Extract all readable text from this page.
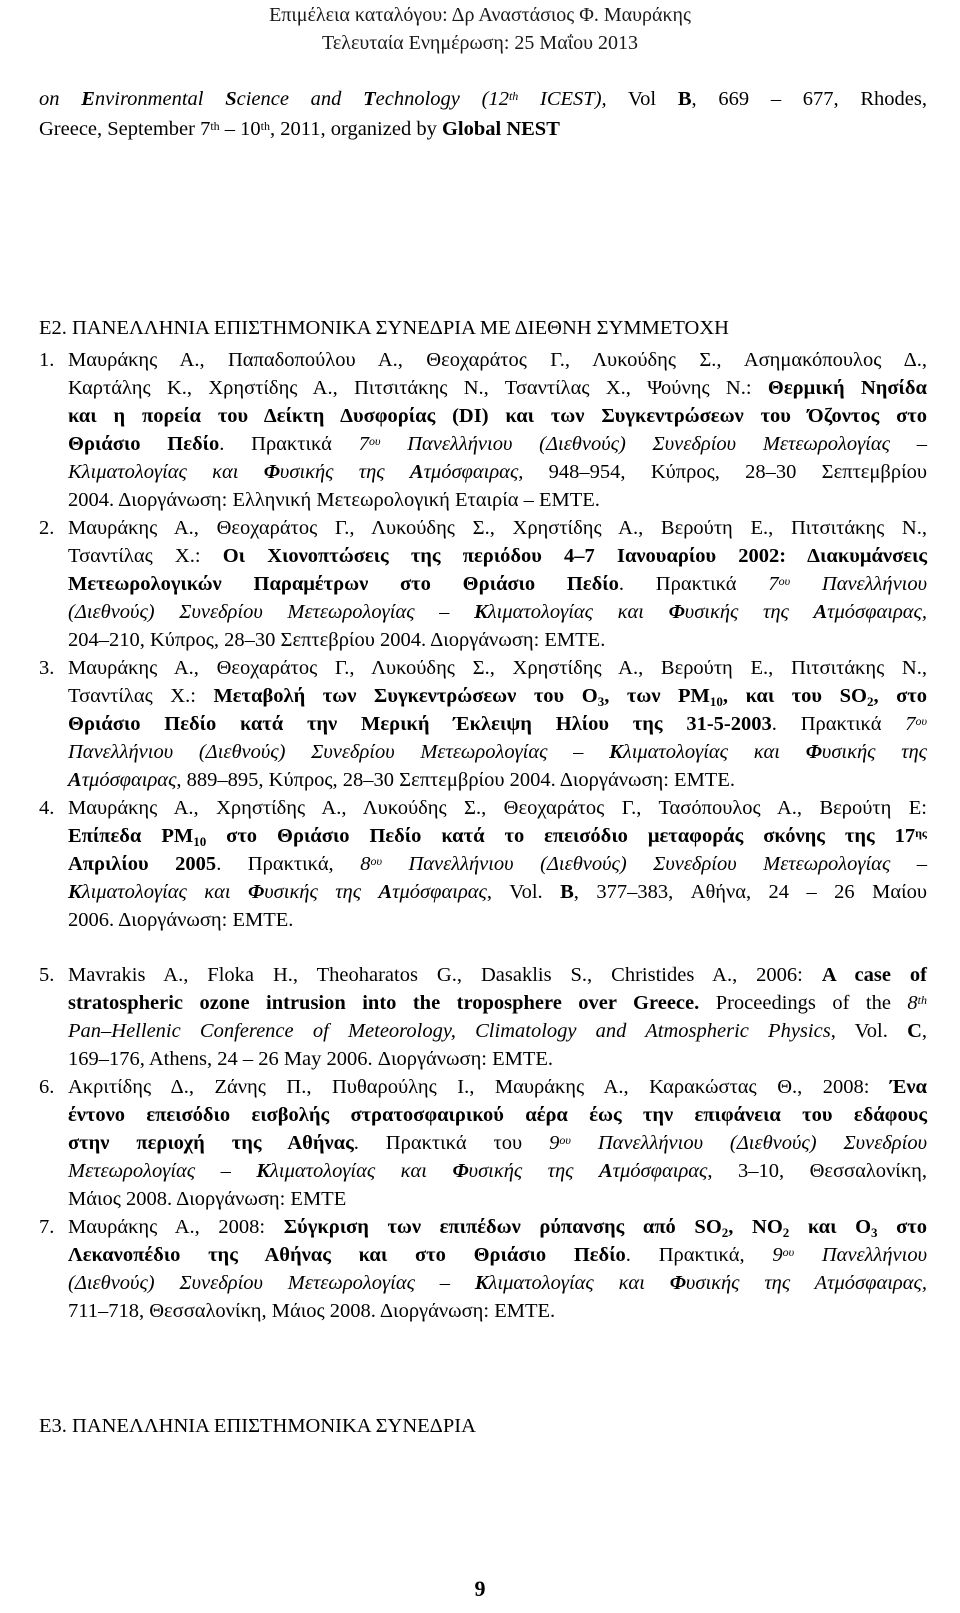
Επιμέλεια καταλόγου: Δρ Αναστάσιος Φ. Μαυράκης
Τελευταία Ενημέρωση: 25 Μαΐου 2013
on Environmental Science and Technology (12th ICEST), Vol B, 669 – 677, Rhodes,
Greece, September 7th – 10th, 2011, organized by Global NEST
Ε2. ΠΑΝΕΛΛΗΝΙΑ ΕΠΙΣΤΗΜΟΝΙΚΑ ΣΥΝΕΔΡΙΑ ΜΕ ΔΙΕΘΝΗ ΣΥΜΜΕΤΟΧΗ
1. Μαυράκης Α., Παπαδοπούλου Α., Θεοχαράτος Γ., Λυκούδης Σ., Ασημακόπουλος Δ.,
Καρτάλης Κ., Χρηστίδης Α., Πιτσιτάκης Ν., Τσαντίλας Χ., Ψούνης Ν.: Θερμική Νησίδα
και η πορεία του Δείκτη Δυσφορίας (DI) και των Συγκεντρώσεων του Όζοντος στο
Θριάσιο Πεδίο. Πρακτικά $7^{o\upsilon}$ Πανελλήνιου (Διεθνούς) Συνεδρίου Μετεωρολογίας –
Κλιματολογίας και Φυσικής της Ατμόσφαιρας, 948–954, Κύπρος, 28–30 Σεπτεμβρίου
2004. Διοργάνωση: Ελληνική Μετεωρολογική Εταιρία – ΕΜΤΕ.
2. Μαυράκης Α., Θεοχαράτος Γ., Λυκούδης Σ., Χρηστίδης Α., Βερούτη Ε., Πιτσιτάκης Ν.,
Τσαντίλας Χ.: Οι Χιονοπτώσεις της περιόδου 4–7 Ιανουαρίου 2002: Διακυμάνσεις
Μετεωρολογικών Παραμέτρων στο Θριάσιο Πεδίο. Πρακτικά $7^{o\upsilon}$ Πανελλήνιου
(Διεθνούς) Συνεδρίου Μετεωρολογίας – Κλιματολογίας και Φυσικής της Ατμόσφαιρας,
204–210, Κύπρος, 28–30 Σεπτεβρίου 2004. Διοργάνωση: ΕΜΤΕ.
3. Μαυράκης Α., Θεοχαράτος Γ., Λυκούδης Σ., Χρηστίδης Α., Βερούτη Ε., Πιτσιτάκης Ν.,
Τσαντίλας Χ.: Μεταβολή των Συγκεντρώσεων του $O_3$, των $PM_{10}$, και του $SO_2$, στο
Θριάσιο Πεδίο κατά την Μερική Έκλειψη Ηλίου της 31-5-2003. Πρακτικά $7^{o\upsilon}$
Πανελλήνιου (Διεθνούς) Συνεδρίου Μετεωρολογίας – Κλιματολογίας και Φυσικής της
Ατμόσφαιρας, 889–895, Κύπρος, 28–30 Σεπτεμβρίου 2004. Διοργάνωση: ΕΜΤΕ.
4. Μαυράκης Α., Χρηστίδης Α., Λυκούδης Σ., Θεοχαράτος Γ., Τασόπουλος Α., Βερούτη Ε:
Επίπεδα $PM_{10}$ στο Θριάσιο Πεδίο κατά το επεισόδιο μεταφοράς σκόνης της $17^{\eta\varsigma}$
Απριλίου 2005. Πρακτικά, $8^{o\upsilon}$ Πανελλήνιου (Διεθνούς) Συνεδρίου Μετεωρολογίας –
Κλιματολογίας και Φυσικής της Ατμόσφαιρας, Vol. B, 377–383, Αθήνα, 24 – 26 Μαίου
2006. Διοργάνωση: ΕΜΤΕ.
5. Mavrakis A., Floka H., Theoharatos G., Dasaklis S., Christides A., 2006: A case of
stratospheric ozone intrusion into the troposphere over Greece. Proceedings of the 8th
Pan–Hellenic Conference of Meteorology, Climatology and Atmospheric Physics, Vol. C,
169–176, Athens, 24 – 26 May 2006. Διοργάνωση: ΕΜΤΕ.
6. Ακριτίδης Δ., Ζάνης Π., Πυθαρούλης Ι., Μαυράκης Α., Καρακώστας Θ., 2008: Ένα
έντονο επεισόδιο εισβολής στρατοσφαιρικού αέρα έως την επιφάνεια του εδάφους
στην περιοχή της Αθήνας. Πρακτικά του $9^{o\upsilon}$ Πανελλήνιου (Διεθνούς) Συνεδρίου
Μετεωρολογίας – Κλιματολογίας και Φυσικής της Ατμόσφαιρας, 3–10, Θεσσαλονίκη,
Μάιος 2008. Διοργάνωση: ΕΜΤΕ
7. Μαυράκης Α., 2008: Σύγκριση των επιπέδων ρύπανσης από $SO_2$, $NO_2$ και $O_3$ στο
Λεκανοπέδιο της Αθήνας και στο Θριάσιο Πεδίο. Πρακτικά, $9^{o\upsilon}$ Πανελλήνιου
(Διεθνούς) Συνεδρίου Μετεωρολογίας – Κλιματολογίας και Φυσικής της Ατμόσφαιρας,
711–718, Θεσσαλονίκη, Μάιος 2008. Διοργάνωση: ΕΜΤΕ.
Ε3. ΠΑΝΕΛΛΗΝΙΑ ΕΠΙΣΤΗΜΟΝΙΚΑ ΣΥΝΕΔΡΙΑ
9
